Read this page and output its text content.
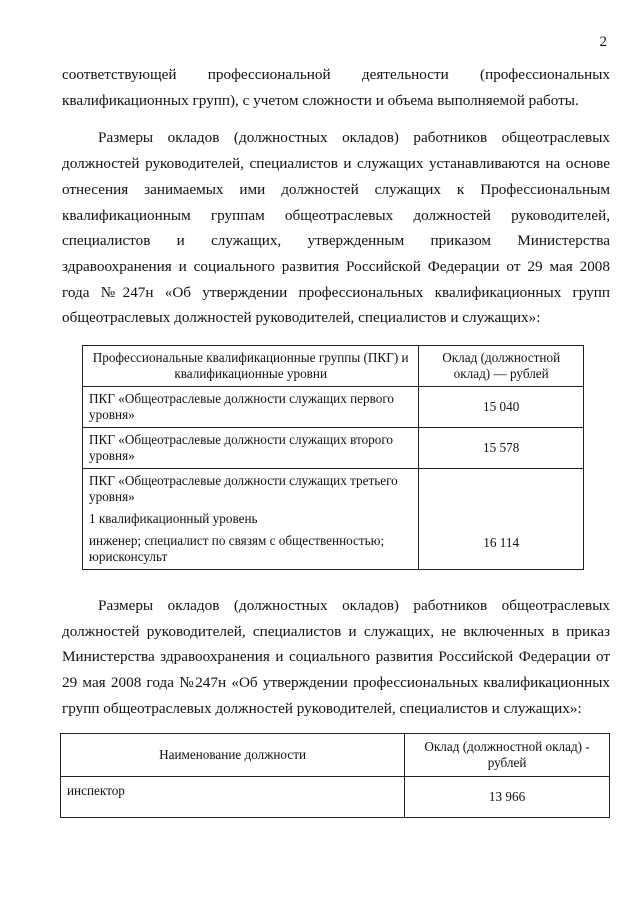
2

соответствующей профессиональной деятельности (профессиональных квалификационных групп), с учетом сложности и объема выполняемой работы.

Размеры окладов (должностных окладов) работников общеотраслевых должностей руководителей, специалистов и служащих устанавливаются на основе отнесения занимаемых ими должностей служащих к Профессиональным квалификационным группам общеотраслевых должностей руководителей, специалистов и служащих, утвержденным приказом Министерства здравоохранения и социального развития Российской Федерации от 29 мая 2008 года №247н «Об утверждении профессиональных квалификационных групп общеотраслевых должностей руководителей, специалистов и служащих»:

Профессиональные квалификационные группы (ПКГ) и квалификационные уровни	Оклад (должностной оклад) — рублей
ПКГ «Общеотраслевые должности служащих первого уровня»	15 040
ПКГ «Общеотраслевые должности служащих второго уровня»	15 578
ПКГ «Общеотраслевые должности служащих третьего уровня»
1 квалификационный уровень
инженер; специалист по связям с общественностью; юрисконсульт	16 114

Размеры окладов (должностных окладов) работников общеотраслевых должностей руководителей, специалистов и служащих, не включенных в приказ Министерства здравоохранения и социального развития Российской Федерации от 29 мая 2008 года №247н «Об утверждении профессиональных квалификационных групп общеотраслевых должностей руководителей, специалистов и служащих»:

Наименование должности	Оклад (должностной оклад) - рублей
инспектор	13 966
